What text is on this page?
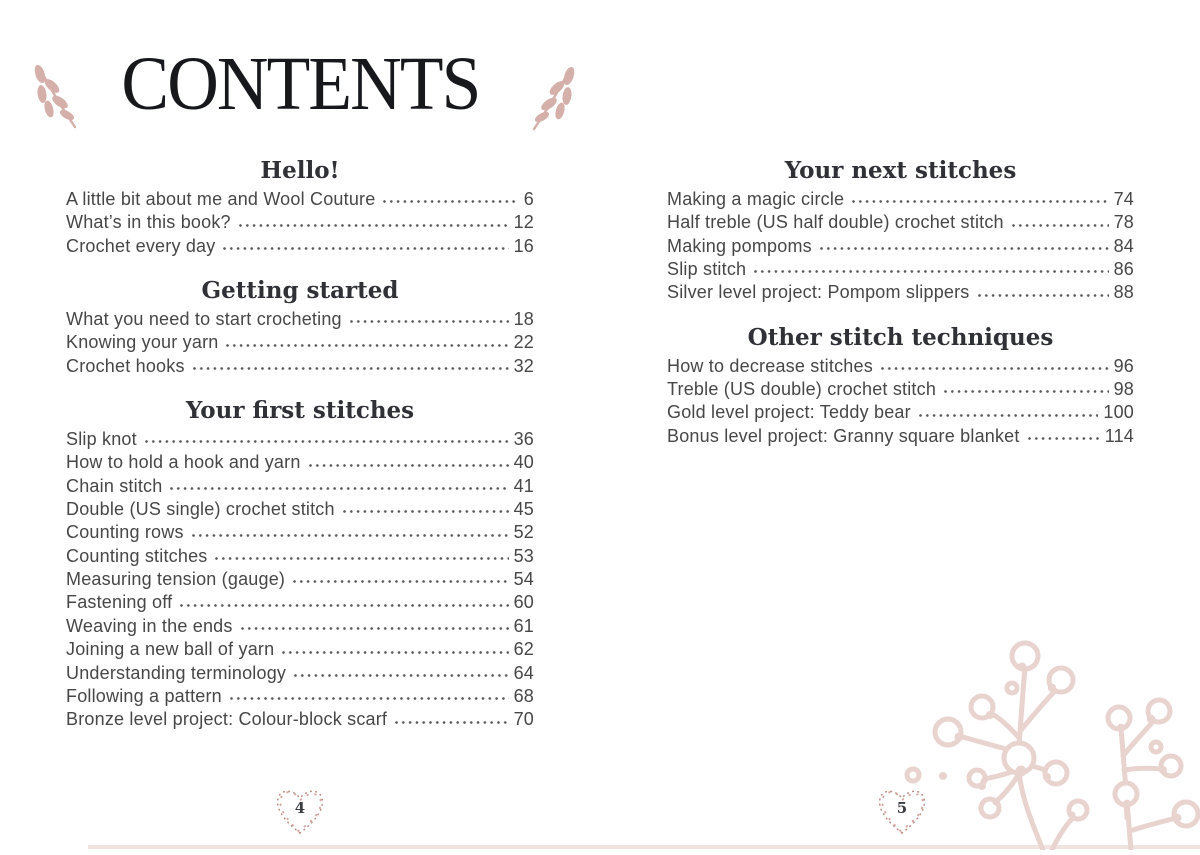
CONTENTS
Hello!
A little bit about me and Wool Couture	6
What’s in this book?	12
Crochet every day	16
Getting started
What you need to start crocheting	18
Knowing your yarn	22
Crochet hooks	32
Your first stitches
Slip knot	36
How to hold a hook and yarn	40
Chain stitch	41
Double (US single) crochet stitch	45
Counting rows	52
Counting stitches	53
Measuring tension (gauge)	54
Fastening off	60
Weaving in the ends	61
Joining a new ball of yarn	62
Understanding terminology	64
Following a pattern	68
Bronze level project: Colour-block scarf	70
Your next stitches
Making a magic circle	74
Half treble (US half double) crochet stitch	78
Making pompoms	84
Slip stitch	86
Silver level project: Pompom slippers	88
Other stitch techniques
How to decrease stitches	96
Treble (US double) crochet stitch	98
Gold level project: Teddy bear	100
Bonus level project: Granny square blanket	114
4	5
